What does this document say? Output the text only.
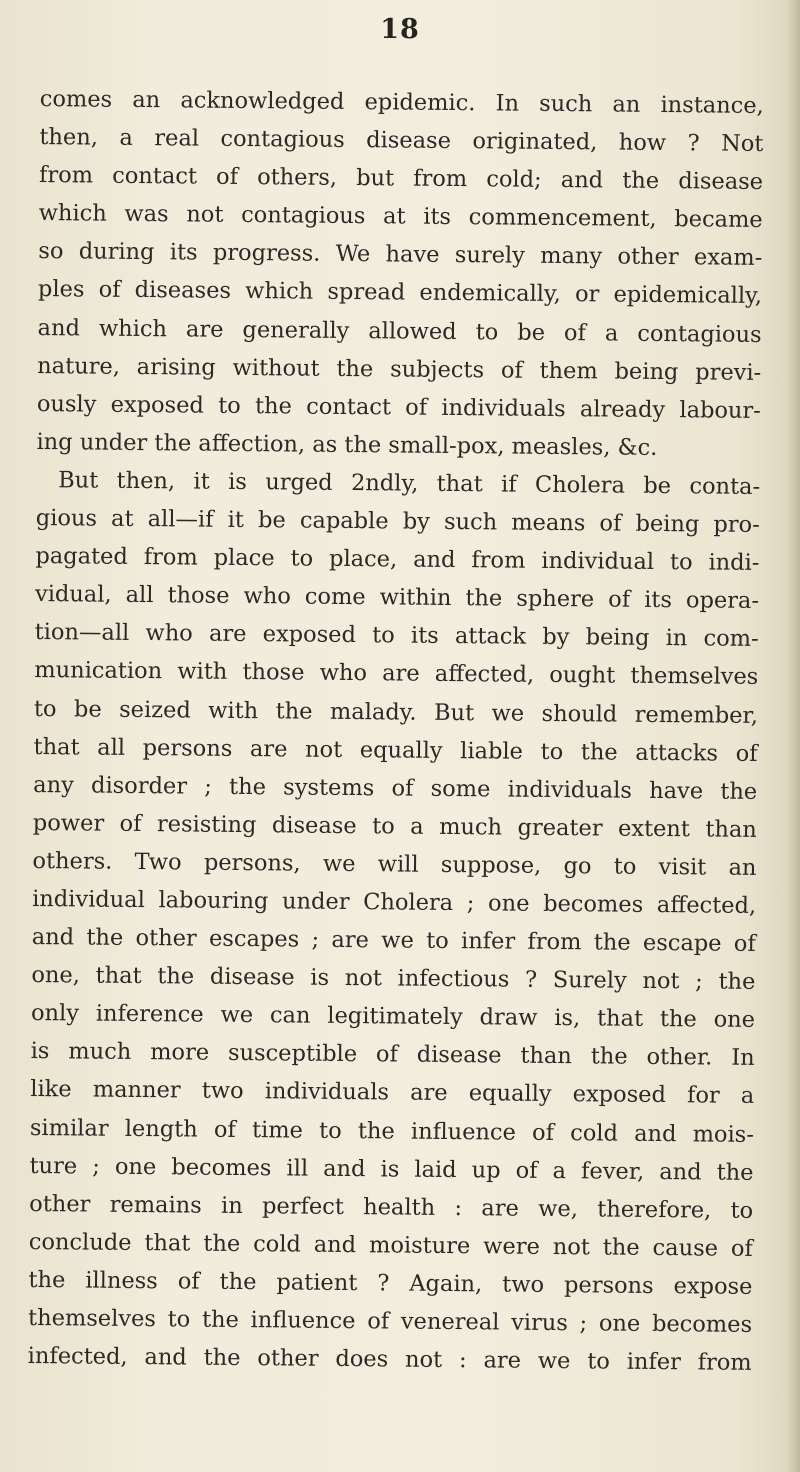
18
comes an acknowledged epidemic. In such an instance,
then, a real contagious disease originated, how ? Not
from contact of others, but from cold; and the disease
which was not contagious at its commencement, became
so during its progress. We have surely many other exam-
ples of diseases which spread endemically, or epidemically,
and which are generally allowed to be of a contagious
nature, arising without the subjects of them being previ-
ously exposed to the contact of individuals already labour-
ing under the affection, as the small-pox, measles, &c.
But then, it is urged 2ndly, that if Cholera be conta-
gious at all—if it be capable by such means of being pro-
pagated from place to place, and from individual to indi-
vidual, all those who come within the sphere of its opera-
tion—all who are exposed to its attack by being in com-
munication with those who are affected, ought themselves
to be seized with the malady. But we should remember,
that all persons are not equally liable to the attacks of
any disorder ; the systems of some individuals have the
power of resisting disease to a much greater extent than
others. Two persons, we will suppose, go to visit an
individual labouring under Cholera ; one becomes affected,
and the other escapes ; are we to infer from the escape of
one, that the disease is not infectious ? Surely not ; the
only inference we can legitimately draw is, that the one
is much more susceptible of disease than the other. In
like manner two individuals are equally exposed for a
similar length of time to the influence of cold and mois-
ture ; one becomes ill and is laid up of a fever, and the
other remains in perfect health : are we, therefore, to
conclude that the cold and moisture were not the cause of
the illness of the patient ? Again, two persons expose
themselves to the influence of venereal virus ; one becomes
infected, and the other does not : are we to infer from
